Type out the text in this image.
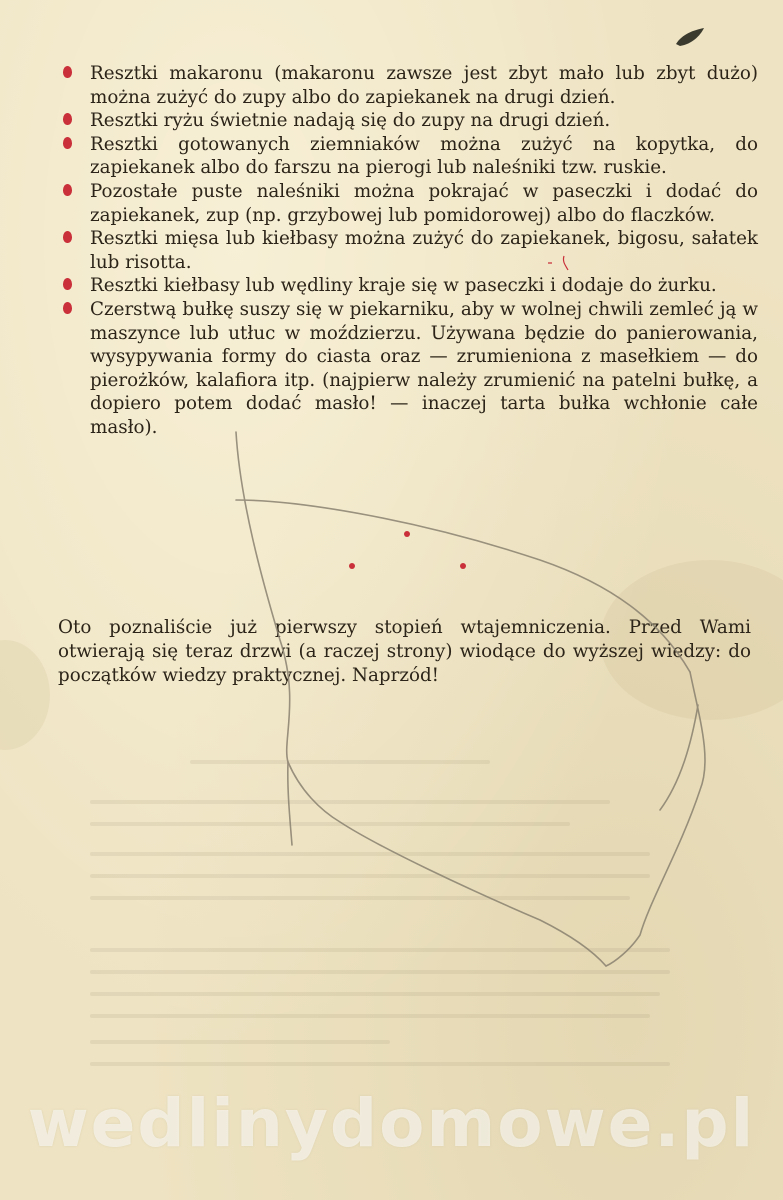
Resztki makaronu (makaronu zawsze jest zbyt mało lub zbyt dużo) można zużyć do zupy albo do zapiekanek na drugi dzień.
Resztki ryżu świetnie nadają się do zupy na drugi dzień.
Resztki gotowanych ziemniaków można zużyć na kopytka, do zapiekanek albo do farszu na pierogi lub naleśniki tzw. ruskie.
Pozostałe puste naleśniki można pokrajać w paseczki i dodać do zapiekanek, zup (np. grzybowej lub pomidorowej) albo do flaczków.
Resztki mięsa lub kiełbasy można zużyć do zapiekanek, bigosu, sałatek lub risotta.
Resztki kiełbasy lub wędliny kraje się w paseczki i dodaje do żurku.
Czerstwą bułkę suszy się w piekarniku, aby w wolnej chwili zemleć ją w maszynce lub utłuc w moździerzu. Używana będzie do panierowania, wysypywania formy do ciasta oraz — zrumieniona z masełkiem — do pierożków, kalafiora itp. (najpierw należy zrumienić na patelni bułkę, a dopiero potem dodać masło! — inaczej tarta bułka wchłonie całe masło).

Oto poznaliście już pierwszy stopień wtajemniczenia. Przed Wami otwierają się teraz drzwi (a raczej strony) wiodące do wyższej wiedzy: do początków wiedzy praktycznej. Naprzód!

wedlinydomowe.pl
